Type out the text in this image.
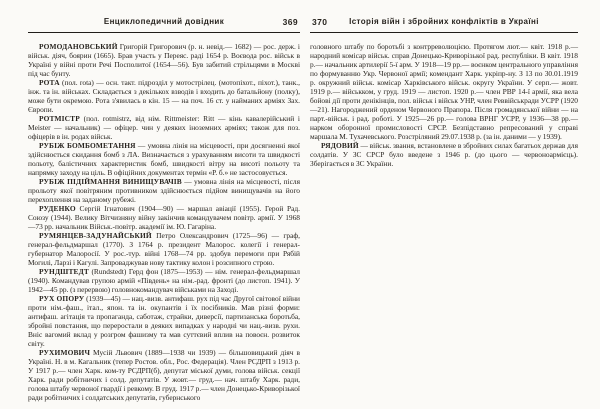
Енциклопедичний довідник	369

РОМОДАНОВСЬКИЙ Григорій Григорович (р. н. невід.— 1682) — рос. держ. і військ. діяч, боярин (1665). Брав участь у Переяс. раді 1654 р. Воєвода рос. військ в Україні у війні проти Речі Посполитої (1654—56). Був забитий стрільцями в Москві під час бунту.

РОТА (пол. rota) — осн. такт. підрозділ у мотострілец. (мотопіхот., піхот.), танк., інж. та ін. військах. Складається з декількох взводів і входить до батальйону (полку), може бути окремою. Рота з'явилась в кін. 15 — на поч. 16 ст. у найманих арміях Зах. Європи.

РОТМІСТР (пол. rotmistrz, від нім. Rittmeister: Ritt — кінь кавалерійський і Meister — начальник) — офіцер. чин у деяких іноземних арміях; також для поз. офіцерів в ін. родах військ.

РУБІЖ БОМБОМЕТАННЯ — умовна лінія на місцевості, при досягненні якої здійснюється скидання бомб з ЛА. Визначається з урахуванням висоти та швидкості польоту, балістичних характеристик бомб, швидкості вітру на висоті польоту та напрямку заходу на ціль. В офіційних документах термін «Р. б.» не застосовується.

РУБІЖ ПІДІЙМАННЯ ВИНИЩУВАЧІВ — умовна лінія на місцевості, після прольоту якої повітряним противником здійснюється підйом винищувачів на його перехоплення на заданому рубежі.

РУДЕНКО Сергій Ігнатович (1904—90) — маршал авіації (1955). Герой Рад. Союзу (1944). Велику Вітчизняну війну закінчив командувачем повітр. армії. У 1968—73 рр. начальник Військ.-повітр. академії ім. Ю. Гагаріна.

РУМЯНЦЕВ-ЗАДУНАЙСЬКИЙ Петро Олександрович (1725—96) — граф, генерал-фельдмаршал (1770). З 1764 р. президент Малорос. колегії і генерал-губернатор Малоросії. У рос.-тур. війні 1768—74 рр. здобув перемоги при Рябій Могилі, Ларзі і Кагулі. Запроваджував нову тактику колон і розсипного строю.

РУНДШТЕДТ (Rundstedt) Герд фон (1875—1953) — нім. генерал-фельдмаршал (1940). Командував групою армій «Південь» на нім.-рад. фронті (до листоп. 1941). У 1942—45 рр. (з перервою) головнокомандувач військами на Заході.

РУХ ОПОРУ (1939—45) — нац.-визв. антифаш. рух під час Другої світової війни проти нім.-фаш., італ., япон. та ін. окупантів і їх посібників. Мав різні форми: антифаш. агітація та пропаганда, саботаж, страйки, диверсії, партизанська боротьба, збройні повстання, що переростали в деяких випадках у народні чи нац.-визв. рухи. Вніс вагомий вклад у розгром фашизму та мав суттєвий вплив на повоєн. розвиток світу.

РУХИМОВИЧ Мусій Львович (1889—1938 чи 1939) — більшовицький діяч в Україні. Н. в м. Кагальник (тепер Ростов. обл., Рос. Федерація). Член РСДРП з 1913 р. У 1917 р.— член Харк. ком-ту РСДРП(б), депутат міської думи, голова військ. секції Харк. ради робітничих і солд. депутатів. У жовт.— груд.— нач. штабу Харк. ради, голова штабу червоної гвардії і ревкому. В груд. 1917 р.— член Донецько-Криворізької ради робітничих і солдатських депутатів, губернського

370	Історія війн і збройних конфліктів в Україні

головного штабу по боротьбі з контрреволюцією. Протягом лют.— квіт. 1918 р.— народний комісар військ. справ Донецько-Криворізької рад. республіки. В квіт. 1918 р.— начальник артилерії 5-ї арм. У 1918—19 рр.— воєнком центрального управління по формуванню Укр. Червоної армії; комендант Харк. укріпр-ну. З 13 по 30.01.1919 р. окружний військ. комісар Харківського військ. округу України. У серп.— жовт. 1919 р.— військком, у груд. 1919 — листоп. 1920 р.— член РВР 14-ї армії, яка вела бойові дії проти денікінців, пол. військ і військ УНР, член Реввійськради УСРР (1920—21). Нагороджений орденом Червоного Прапора. Після громадянської війни — на парт.-військ. і рад. роботі. У 1925—26 рр.— голова ВРНГ УСРР, у 1936—38 рр.— нарком оборонної промисловості СРСР. Безпідставно репресований у справі маршала М. Тухачевського. Розстріляний 29.07.1938 р. (за ін. даними — у 1939).

РЯДОВИЙ — військ. звання, встановлене в збройних силах багатьох держав для солдатів. У ЗС СРСР було введене з 1946 р. (до цього — червоноармієць). Зберігається в ЗС України.
